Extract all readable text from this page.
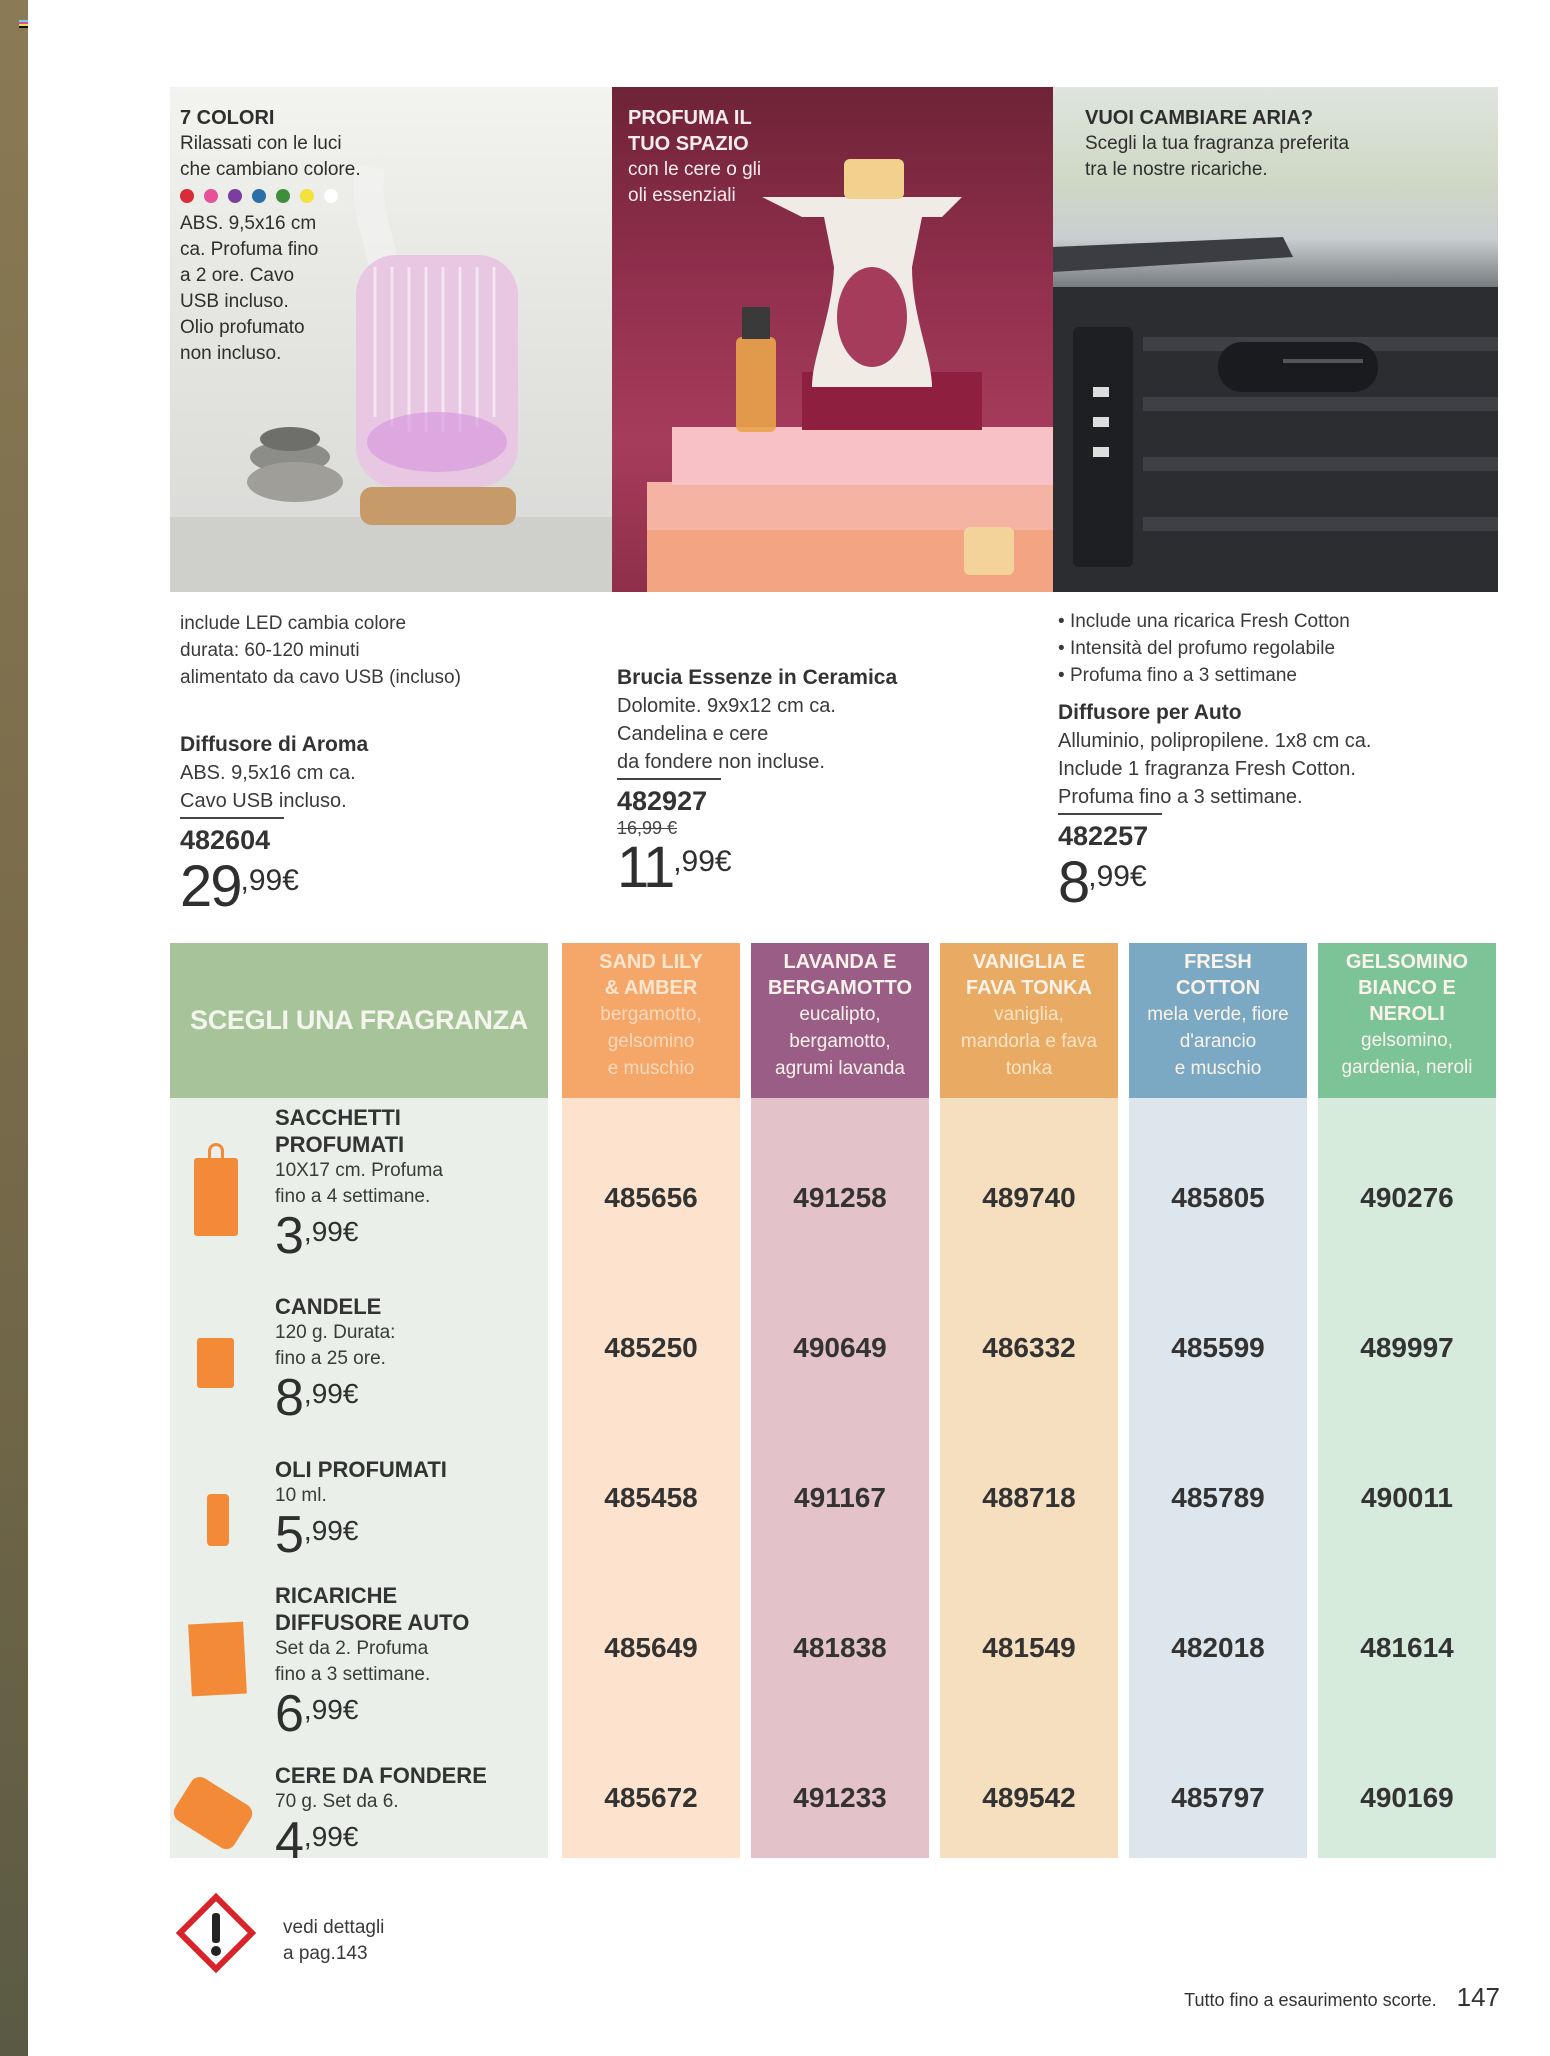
7 COLORI
Rilassati con le luci
che cambiano colore.
ABS. 9,5x16 cm
ca. Profuma fino
a 2 ore. Cavo
USB incluso.
Olio profumato
non incluso.
PROFUMA IL
TUO SPAZIO
con le cere o gli
oli essenziali
VUOI CAMBIARE ARIA?
Scegli la tua fragranza preferita
tra le nostre ricariche.
include LED cambia colore
durata: 60-120 minuti
alimentato da cavo USB (incluso)
Diffusore di Aroma
ABS. 9,5x16 cm ca.
Cavo USB incluso.
482604
29,99€
Brucia Essenze in Ceramica
Dolomite. 9x9x12 cm ca.
Candelina e cere
da fondere non incluse.
482927
16,99 €
11,99€
• Include una ricarica Fresh Cotton
• Intensità del profumo regolabile
• Profuma fino a 3 settimane
Diffusore per Auto
Alluminio, polipropilene. 1x8 cm ca.
Include 1 fragranza Fresh Cotton.
Profuma fino a 3 settimane.
482257
8,99€
SCEGLI UNA FRAGRANZA
SAND LILY
& AMBER
bergamotto,
gelsomino
e muschio
LAVANDA E
BERGAMOTTO
eucalipto,
bergamotto,
agrumi lavanda
VANIGLIA E
FAVA TONKA
vaniglia,
mandorla e fava
tonka
FRESH
COTTON
mela verde, fiore
d'arancio
e muschio
GELSOMINO
BIANCO E
NEROLI
gelsomino,
gardenia, neroli
SACCHETTI
PROFUMATI
10X17 cm. Profuma
fino a 4 settimane.
3,99€
CANDELE
120 g. Durata:
fino a 25 ore.
8,99€
OLI PROFUMATI
10 ml.
5,99€
RICARICHE
DIFFUSORE AUTO
Set da 2. Profuma
fino a 3 settimane.
6,99€
CERE DA FONDERE
70 g. Set da 6.
4,99€
485656
485250
485458
485649
485672
491258
490649
491167
481838
491233
489740
486332
488718
481549
489542
485805
485599
485789
482018
485797
490276
489997
490011
481614
490169
vedi dettagli
a pag.143
Tutto fino a esaurimento scorte. 147
